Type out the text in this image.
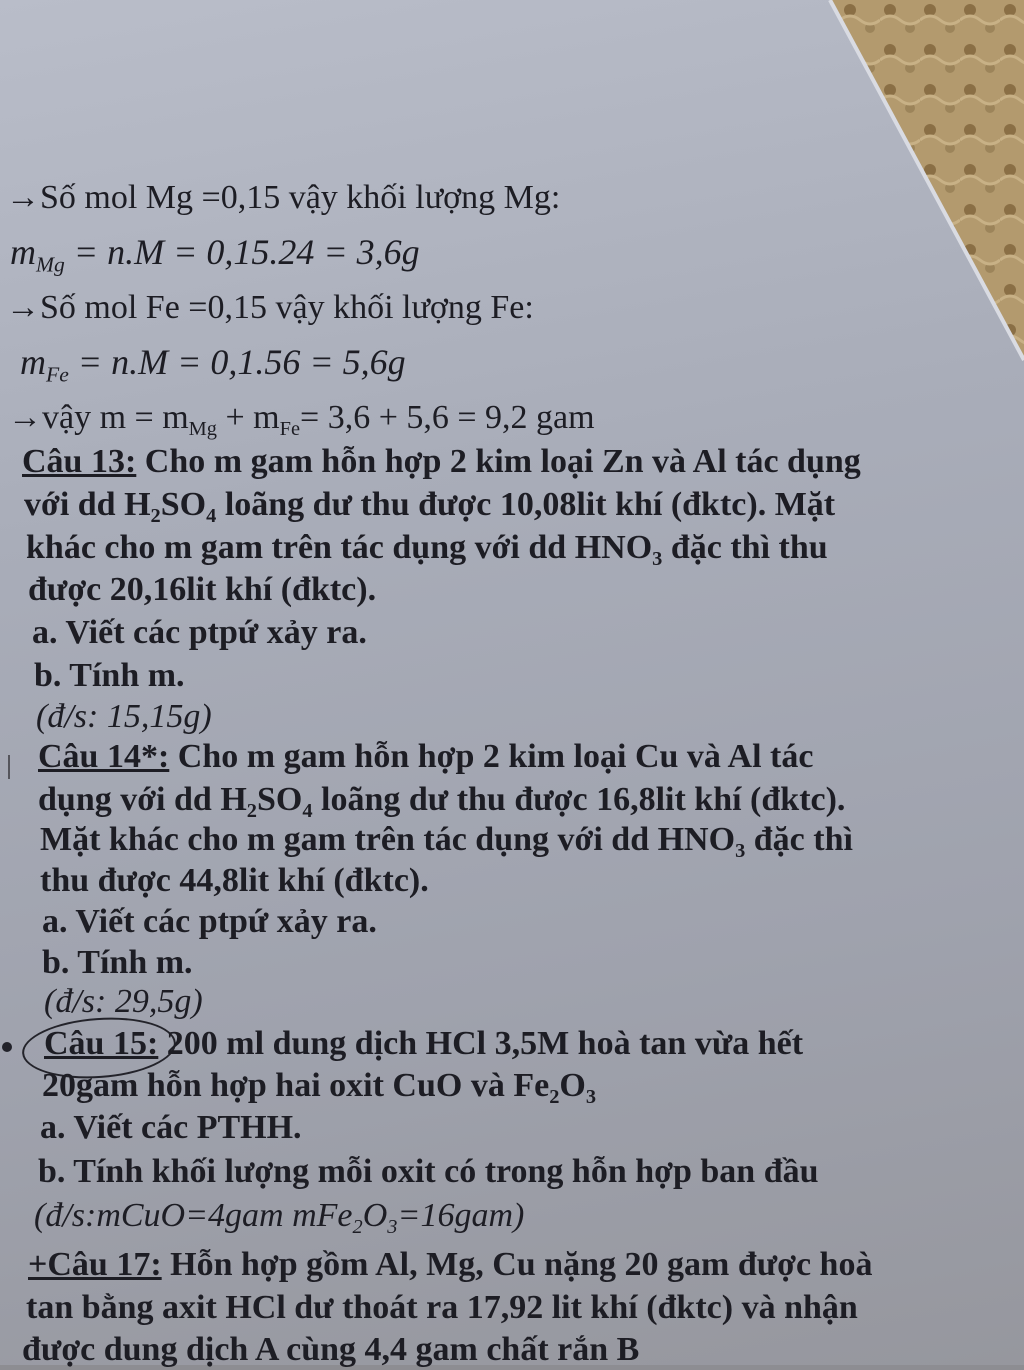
→Số mol Mg =0,15 vậy khối lượng Mg:
$m_{Mg} = n.M = 0,15.24 = 3,6g$
→Số mol Fe =0,15 vậy khối lượng Fe:
$m_{Fe} = n.M = 0,1.56 = 5,6g$
→vậy $m = m_{Mg} + m_{Fe}= 3,6 + 5,6 = 9,2$ gam
Câu 13: Cho m gam hỗn hợp 2 kim loại Zn và Al tác dụng
với dd $H_2SO_4$ loãng dư thu được 10,08lit khí (đktc). Mặt
khác cho m gam trên tác dụng với dd $HNO_3$ đặc thì thu
được 20,16lit khí (đktc).
a. Viết các ptpứ xảy ra.
b. Tính m.
(đ/s: 15,15g)
Câu 14*: Cho m gam hỗn hợp 2 kim loại Cu và Al tác
dụng với dd $H_2SO_4$ loãng dư thu được 16,8lit khí (đktc).
Mặt khác cho m gam trên tác dụng với dd $HNO_3$ đặc thì
thu được 44,8lit khí (đktc).
a. Viết các ptpứ xảy ra.
b. Tính m.
(đ/s: 29,5g)
Câu 15: 200 ml dung dịch HCl 3,5M hoà tan vừa hết
20gam hỗn hợp hai oxit CuO và $Fe_2O_3$
a. Viết các PTHH.
b. Tính khối lượng mỗi oxit có trong hỗn hợp ban đầu
(đ/s:mCuO=4gam $mFe_2O_3=16gam$)
+Câu 17: Hỗn hợp gồm Al, Mg, Cu nặng 20 gam được hoà
tan bằng axit HCl dư thoát ra 17,92 lit khí (đktc) và nhận
được dung dịch A cùng 4,4 gam chất rắn B
